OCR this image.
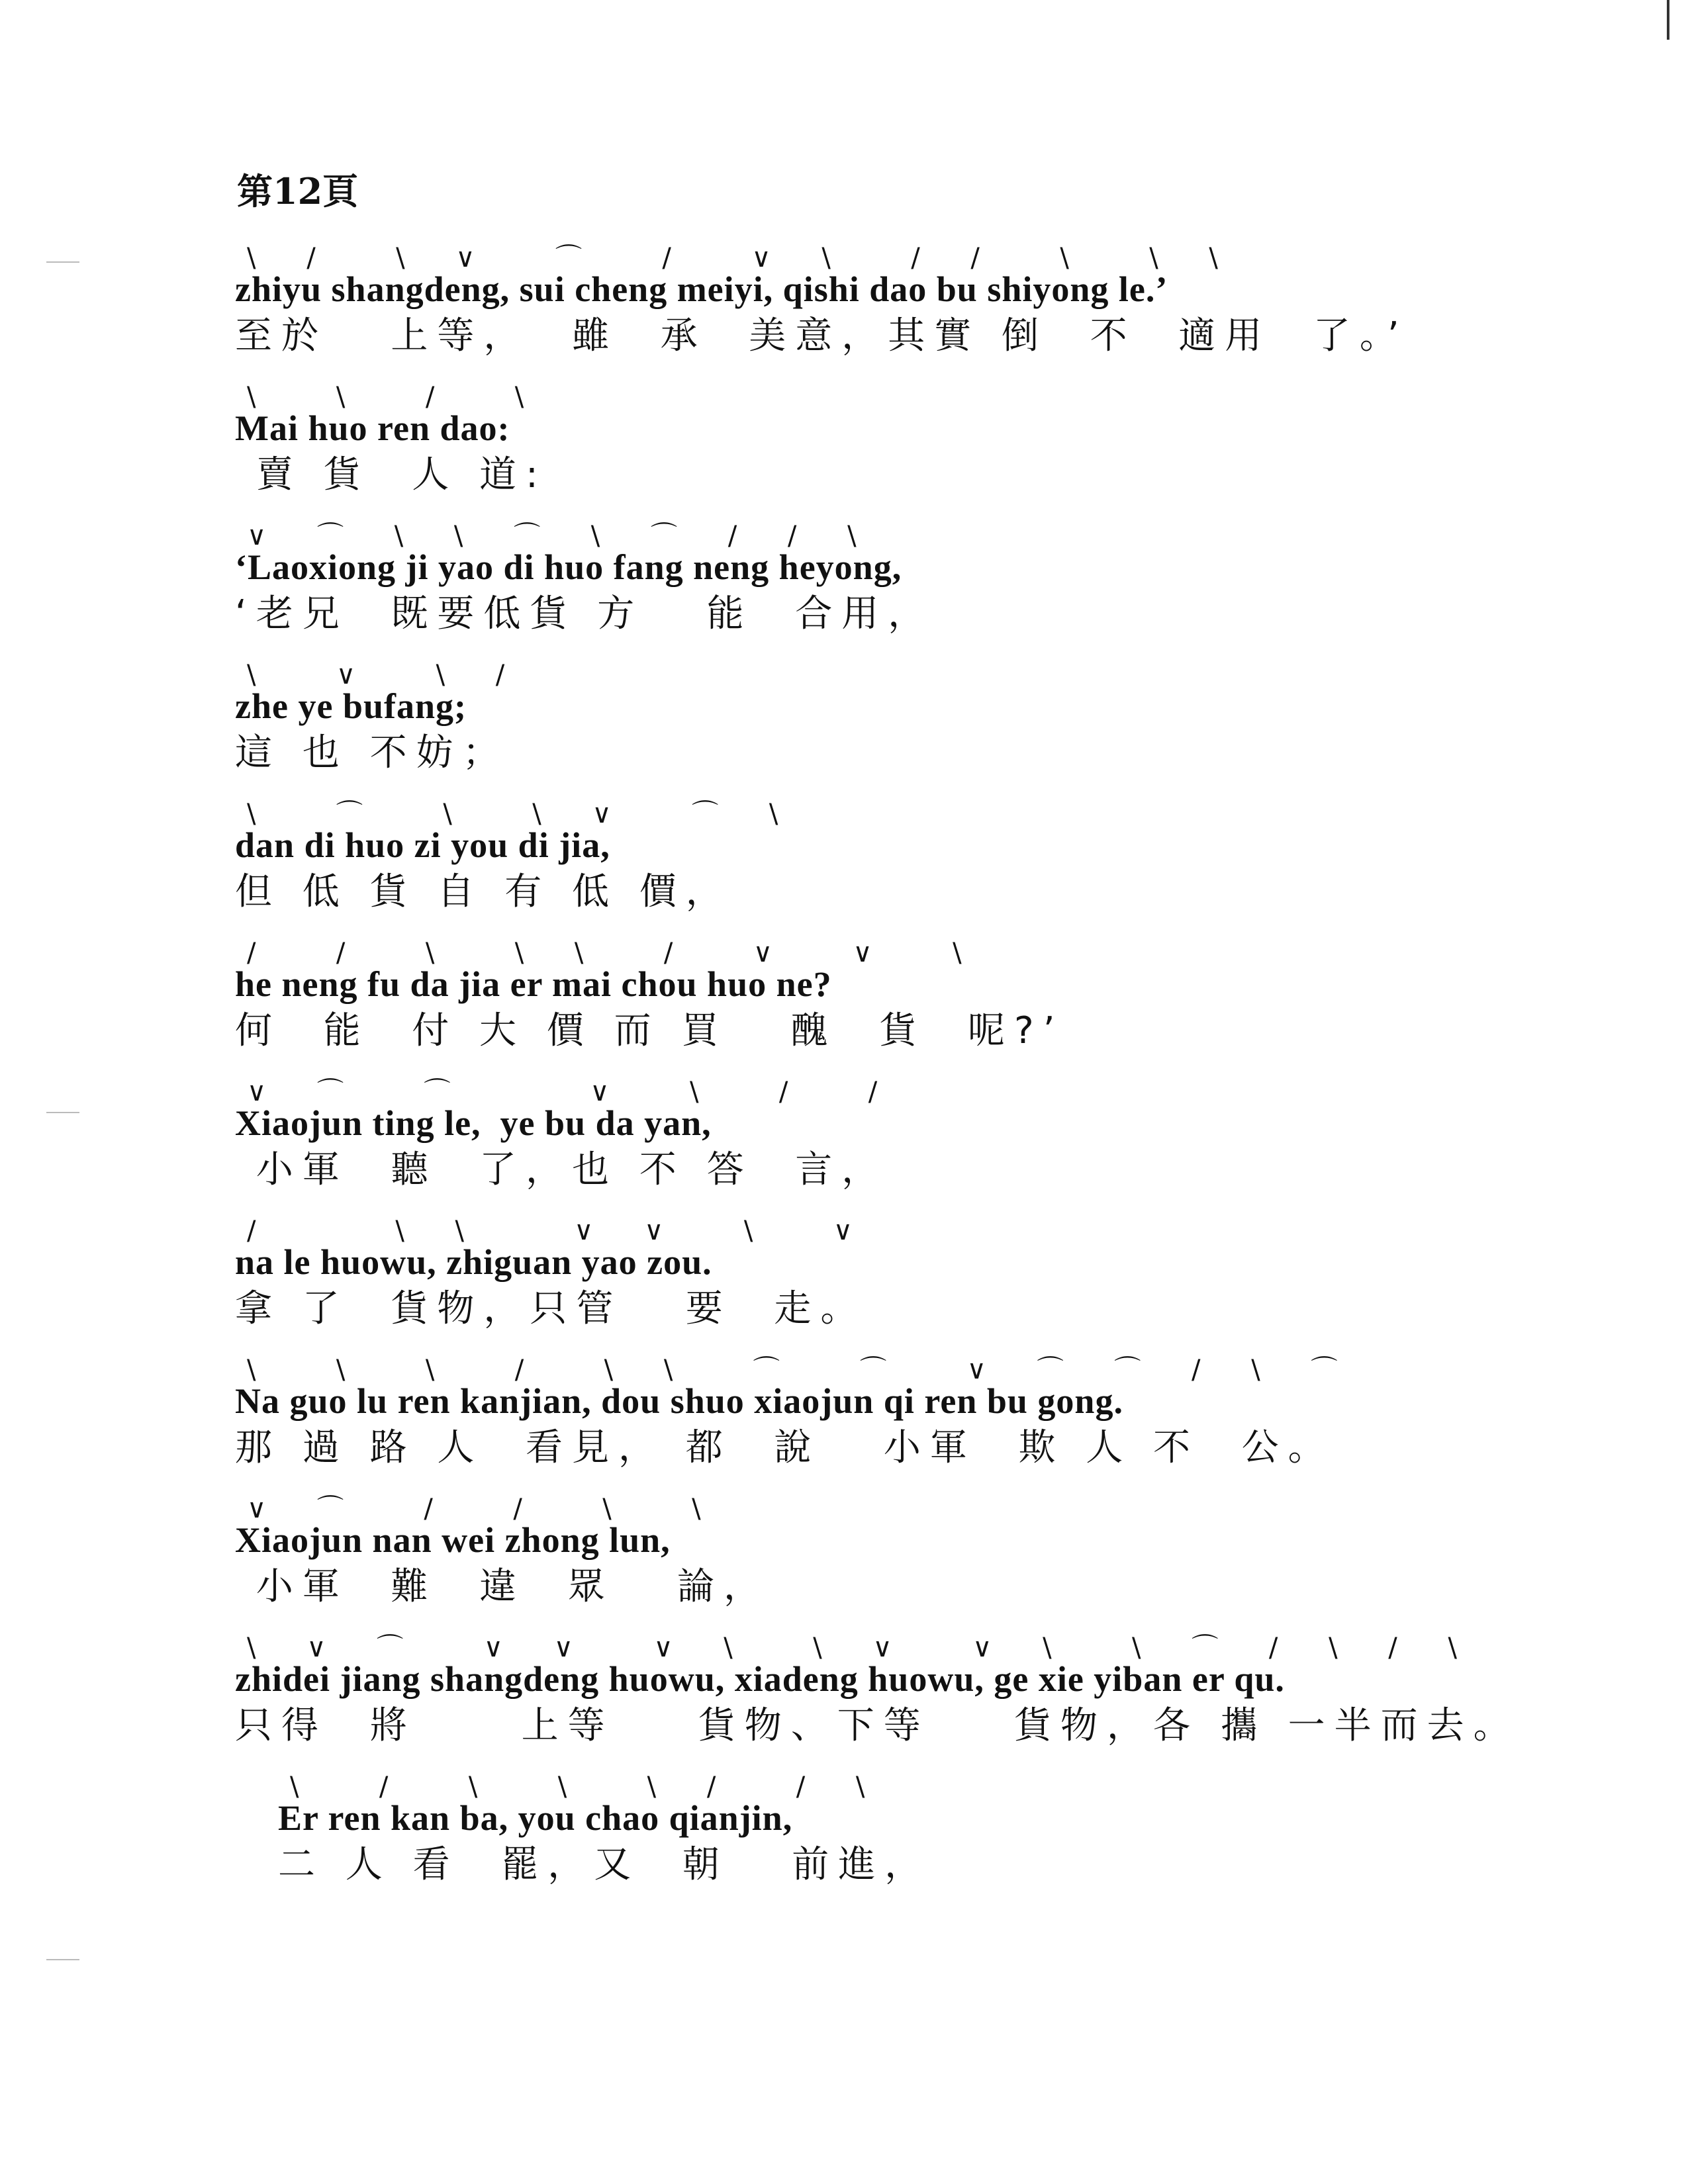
第12頁
\ /  \ ∨  ⌒  /  ∨ \  / /  \  \ \
zhiyu shangdeng, sui cheng meiyi, qishi dao bu shiyong le.’
至於   上等，  雖  承  美意，其實 倒  不  適用  了。’
\  \  /  \
Mai huo ren dao:
賣 貨  人 道:
∨ ⌒ \ \ ⌒ \ ⌒ / / \
‘Laoxiong ji yao di huo fang neng heyong,
‘老兄  既要低貨 方   能  合用，
\  ∨  \ /
zhe ye bufang;
這 也 不妨；
\  ⌒  \  \ ∨  ⌒ \
dan di huo zi you di jia,
但 低 貨 自 有 低 價，
/  /  \  \ \  /  ∨  ∨  \
he neng fu da jia er mai chou huo ne?
何  能  付 大 價 而 買   醜  貨  呢?’
∨ ⌒  ⌒    ∨  \  /  /
Xiaojun ting le,  ye bu da yan,
小軍  聽  了，也 不 答  言，
/    \ \   ∨ ∨  \  ∨
na le huowu, zhiguan yao zou.
拿 了  貨物，只管   要  走。
\  \  \  /  \ \  ⌒  ⌒  ∨ ⌒ ⌒ / \ ⌒
Na guo lu ren kanjian, dou shuo xiaojun qi ren bu gong.
那 過 路 人  看見， 都  說   小軍  欺 人 不  公。
∨ ⌒  /  /  \  \
Xiaojun nan wei zhong lun,
小軍  難  違  眾   論，
\ ∨ ⌒  ∨ ∨  ∨ \  \ ∨  ∨ \  \ ⌒ / \ / \
zhidei jiang shangdeng huowu, xiadeng huowu, ge xie yiban er qu.
只得  將     上等    貨物、下等    貨物，各 攜 一半而去。
\  /  \  \  \ /  / \
Er ren kan ba, you chao qianjin,
二 人 看  罷，又  朝   前進，
